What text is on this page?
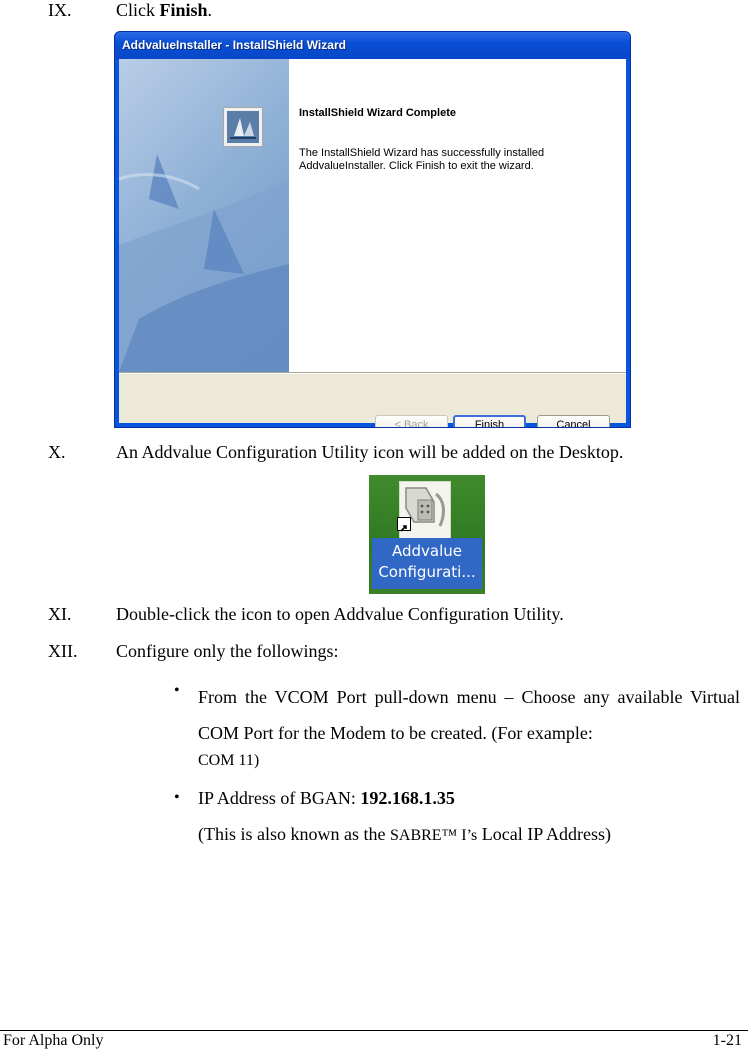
IX. Click Finish.
AddvalueInstaller - InstallShield Wizard
InstallShield Wizard Complete
The InstallShield Wizard has successfully installed
AddvalueInstaller. Click Finish to exit the wizard.
< Back	Finish	Cancel
X.	An Addvalue Configuration Utility icon will be added on the Desktop.
Addvalue
Configurati...
XI. Double-click the icon to open Addvalue Configuration Utility.
XII. Configure only the followings:
• From the VCOM Port pull-down menu – Choose any available Virtual COM Port for the Modem to be created. (For example:
COM 11)
• IP Address of BGAN: 192.168.1.35
(This is also known as the SABRE™ I’s Local IP Address)
For Alpha Only	1-21
